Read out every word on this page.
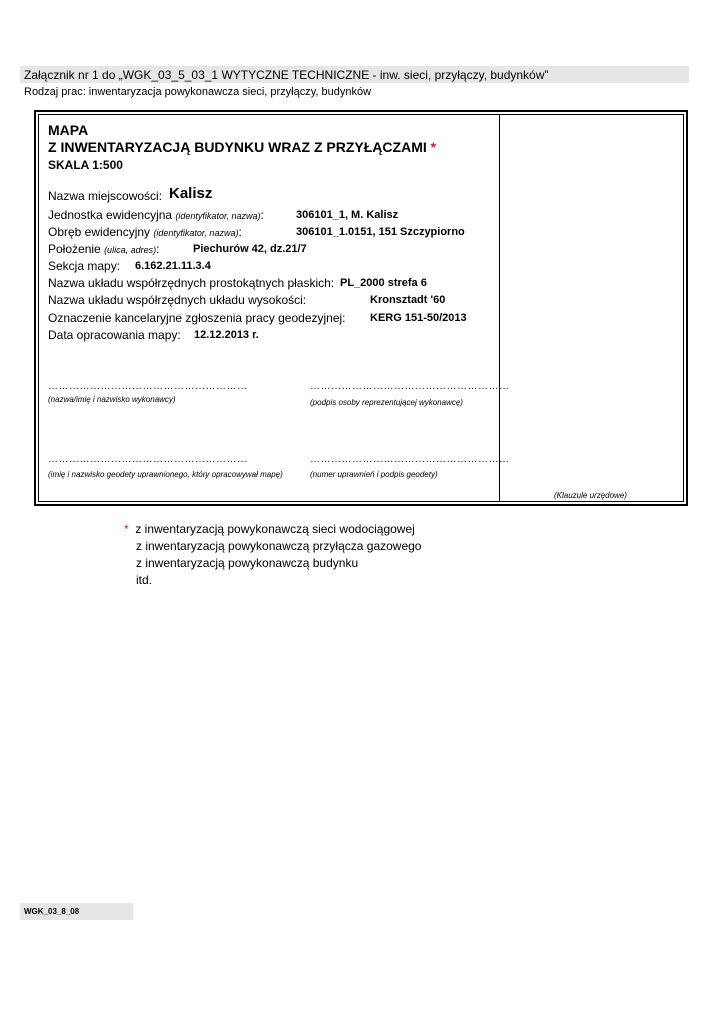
Załącznik nr 1 do „WGK_03_5_03_1 WYTYCZNE TECHNICZNE - inw. sieci, przyłączy, budynków”
Rodzaj prac: inwentaryzacja powykonawcza sieci, przyłączy, budynków
MAPA
Z INWENTARYZACJĄ BUDYNKU WRAZ Z PRZYŁĄCZAMI *
SKALA 1:500
Nazwa miejscowości: Kalisz
Jednostka ewidencyjna (identyfikator, nazwa):	306101_1, M. Kalisz
Obręb ewidencyjny (identyfikator, nazwa):	306101_1.0151, 151 Szczypiorno
Położenie (ulica, adres):	Piechurów 42, dz.21/7
Sekcja mapy: 6.162.21.11.3.4
Nazwa układu współrzędnych prostokątnych płaskich: PL_2000 strefa 6
Nazwa układu współrzędnych układu wysokości:	Kronsztadt '60
Oznaczenie kancelaryjne zgłoszenia pracy geodezyjnej: KERG 151-50/2013
Data opracowania mapy: 12.12.2013 r.
…………………………………………………
(nazwa/imię i nazwisko wykonawcy)
…………………………………………………
(podpis osoby reprezentującej wykonawcę)
…………………………………………………
(imię i nazwisko geodety uprawnionego, który opracowywał mapę)
…………………………………………………
(numer uprawnień i podpis geodety)
(Klauzule urzędowe)
* z inwentaryzacją powykonawczą sieci wodociągowej
z inwentaryzacją powykonawczą przyłącza gazowego
z inwentaryzacją powykonawczą budynku
itd.
WGK_03_8_08
